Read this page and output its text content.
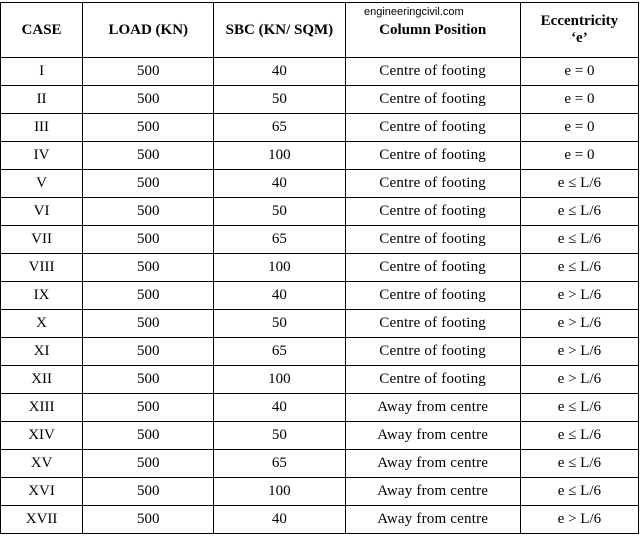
CASE	LOAD (KN)	SBC (KN/ SQM)	Column Position	Eccentricity
‘e’

I	500	40	Centre of footing	e = 0
II	500	50	Centre of footing	e = 0
III	500	65	Centre of footing	e = 0
IV	500	100	Centre of footing	e = 0
V	500	40	Centre of footing	e ≤ L/6
VI	500	50	Centre of footing	e ≤ L/6
VII	500	65	Centre of footing	e ≤ L/6
VIII	500	100	Centre of footing	e ≤ L/6
IX	500	40	Centre of footing	e > L/6
X	500	50	Centre of footing	e > L/6
XI	500	65	Centre of footing	e > L/6
XII	500	100	Centre of footing	e > L/6
XIII	500	40	Away from centre	e ≤ L/6
XIV	500	50	Away from centre	e ≤ L/6
XV	500	65	Away from centre	e ≤ L/6
XVI	500	100	Away from centre	e ≤ L/6
XVII	500	40	Away from centre	e > L/6
engineeringcivil.com
